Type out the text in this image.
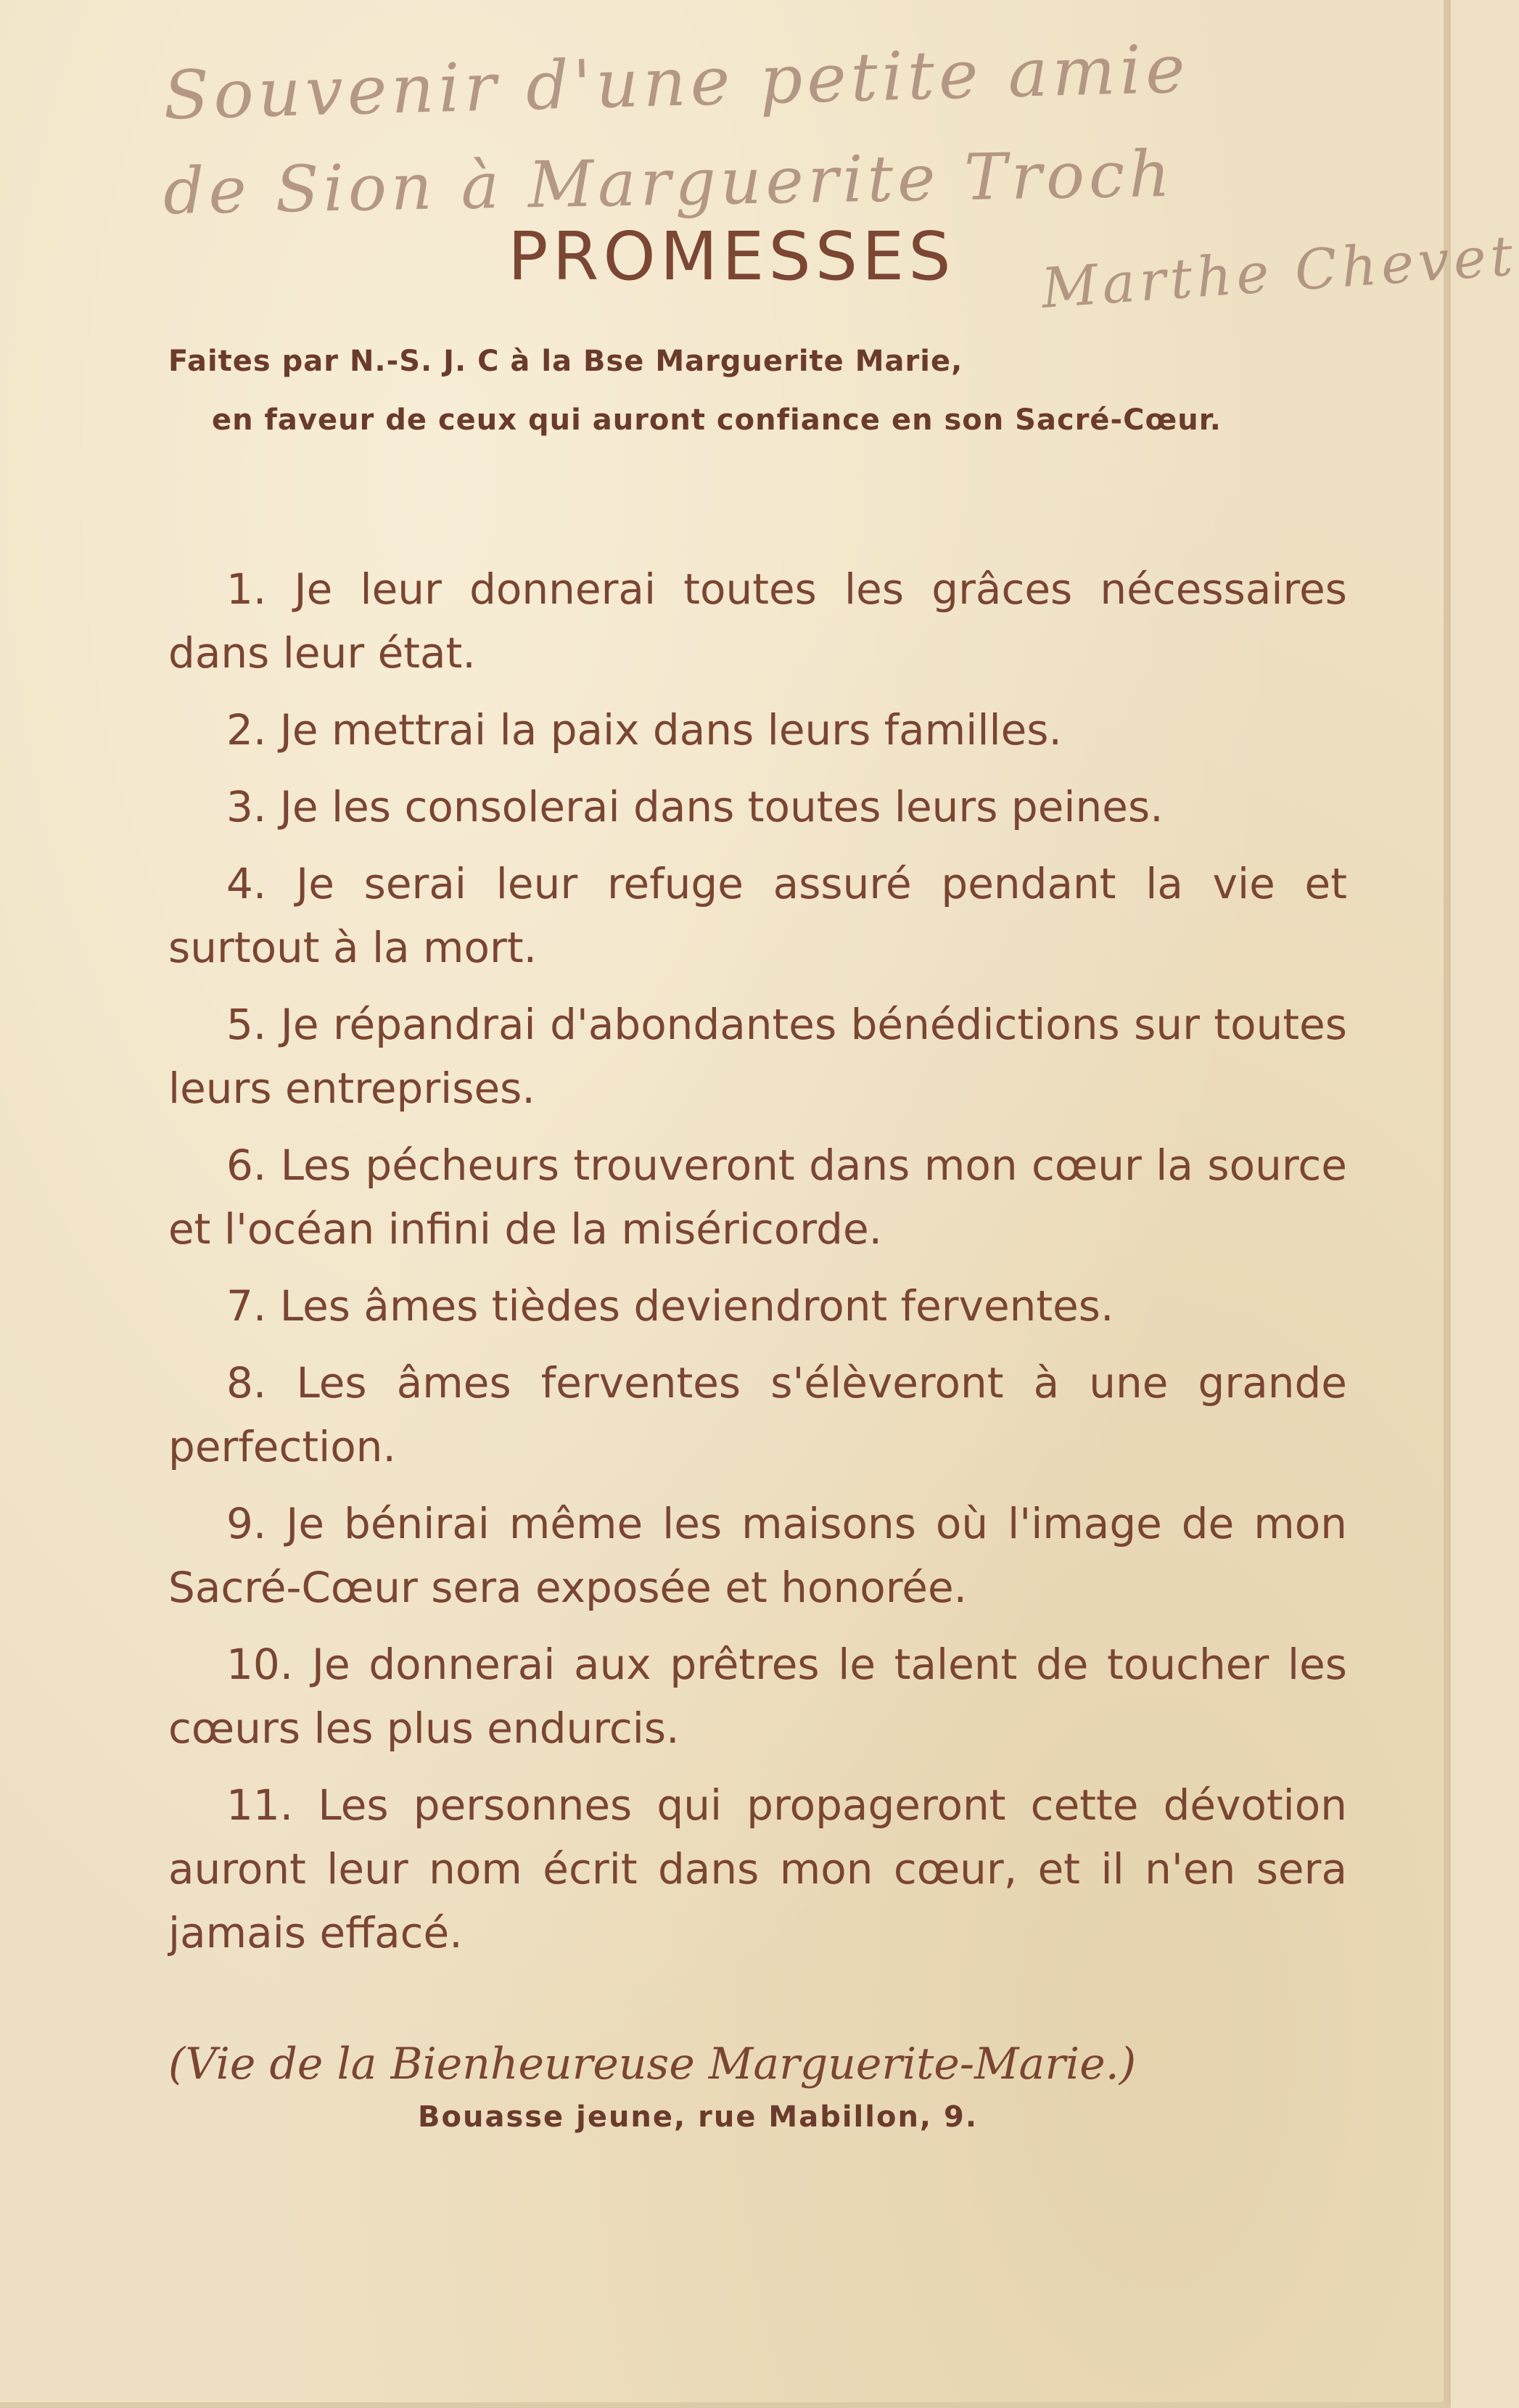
Souvenir d'une petite amie
de Sion à Marguerite Troch
Marthe Chevet
PROMESSES
Faites par N.-S. J. C à la Bse Marguerite Marie,
en faveur de ceux qui auront confiance en son Sacré-Cœur.
1. Je leur donnerai toutes les grâces nécessaires dans leur état.
2. Je mettrai la paix dans leurs familles.
3. Je les consolerai dans toutes leurs peines.
4. Je serai leur refuge assuré pendant la vie et surtout à la mort.
5. Je répandrai d'abondantes bénédictions sur toutes leurs entreprises.
6. Les pécheurs trouveront dans mon cœur la source et l'océan infini de la miséricorde.
7. Les âmes tièdes deviendront ferventes.
8. Les âmes ferventes s'élèveront à une grande perfection.
9. Je bénirai même les maisons où l'image de mon Sacré-Cœur sera exposée et honorée.
10. Je donnerai aux prêtres le talent de toucher les cœurs les plus endurcis.
11. Les personnes qui propageront cette dévotion auront leur nom écrit dans mon cœur, et il n'en sera jamais effacé.
(Vie de la Bienheureuse Marguerite-Marie.)
Bouasse jeune, rue Mabillon, 9.
